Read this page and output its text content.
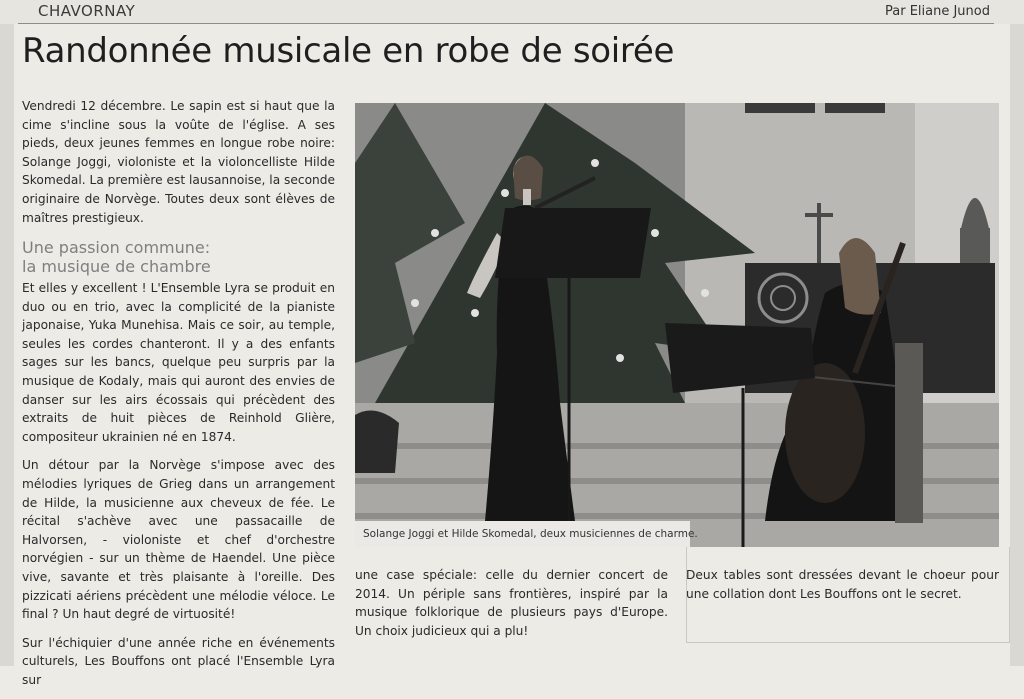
CHAVORNAY	Par Eliane Junod
Randonnée musicale en robe de soirée

Vendredi 12 décembre. Le sapin est si haut que la cime s'incline sous la voûte de l'église. A ses pieds, deux jeunes femmes en longue robe noire: Solange Joggi, violoniste et la violoncelliste Hilde Skomedal. La première est lausannoise, la seconde originaire de Norvège. Toutes deux sont élèves de maîtres prestigieux.

Une passion commune:
la musique de chambre

Et elles y excellent ! L'Ensemble Lyra se produit en duo ou en trio, avec la complicité de la pianiste japonaise, Yuka Munehisa. Mais ce soir, au temple, seules les cordes chanteront. Il y a des enfants sages sur les bancs, quelque peu surpris par la musique de Kodaly, mais qui auront des envies de danser sur les airs écossais qui précèdent des extraits de huit pièces de Reinhold Glière, compositeur ukrainien né en 1874.

Un détour par la Norvège s'impose avec des mélodies lyriques de Grieg dans un arrangement de Hilde, la musicienne aux cheveux de fée. Le récital s'achève avec une passacaille de Halvorsen, - violoniste et chef d'orchestre norvégien - sur un thème de Haendel. Une pièce vive, savante et très plaisante à l'oreille. Des pizzicati aériens précèdent une mélodie véloce. Le final ? Un haut degré de virtuosité!

Sur l'échiquier d'une année riche en événements culturels, Les Bouffons ont placé l'Ensemble Lyra sur

Solange Joggi et Hilde Skomedal, deux musiciennes de charme.

une case spéciale: celle du dernier concert de 2014. Un périple sans frontières, inspiré par la musique folklorique de plusieurs pays d'Europe. Un choix judicieux qui a plu!

Deux tables sont dressées devant le choeur pour une collation dont Les Bouffons ont le secret.
